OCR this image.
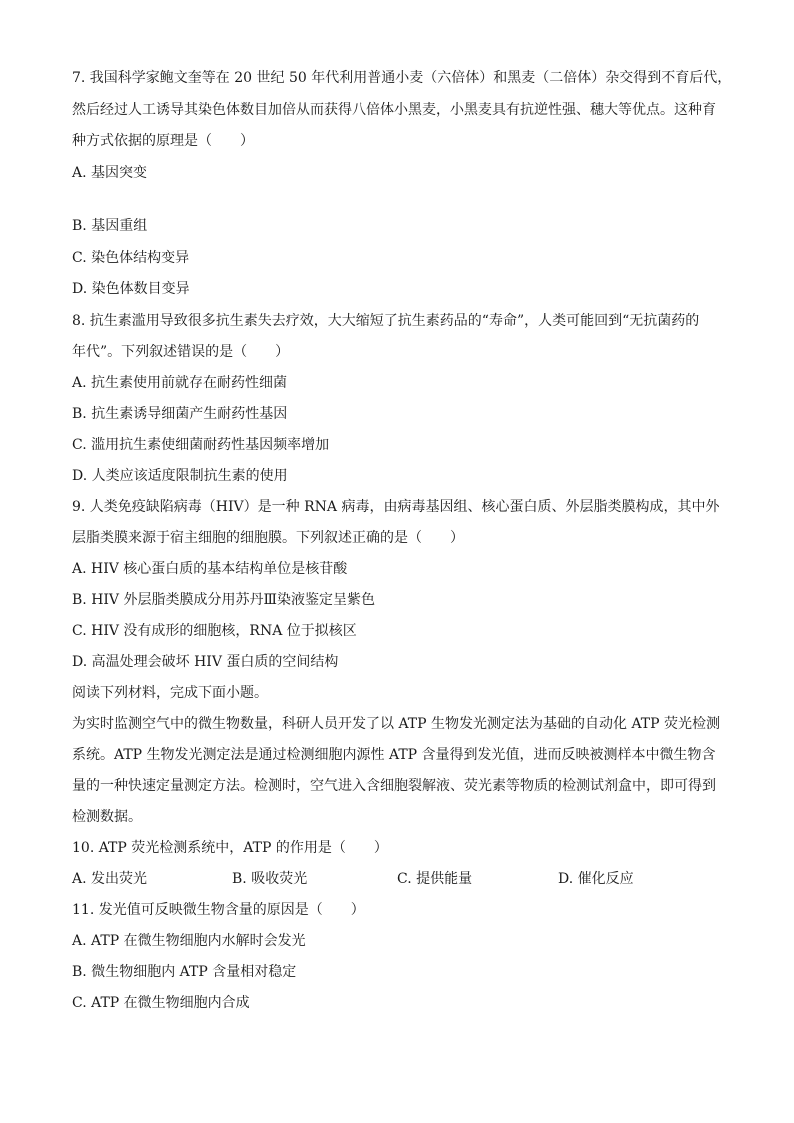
7. 我国科学家鲍文奎等在 20 世纪 50 年代利用普通小麦（六倍体）和黑麦（二倍体）杂交得到不育后代，
然后经过人工诱导其染色体数目加倍从而获得八倍体小黑麦，小黑麦具有抗逆性强、穗大等优点。这种育
种方式依据的原理是（　　）
A. 基因突变
B. 基因重组
C. 染色体结构变异
D. 染色体数目变异
8. 抗生素滥用导致很多抗生素失去疗效，大大缩短了抗生素药品的“寿命”，人类可能回到“无抗菌药的
年代”。下列叙述错误的是（　　）
A. 抗生素使用前就存在耐药性细菌
B. 抗生素诱导细菌产生耐药性基因
C. 滥用抗生素使细菌耐药性基因频率增加
D. 人类应该适度限制抗生素的使用
9. 人类免疫缺陷病毒（HIV）是一种 RNA 病毒，由病毒基因组、核心蛋白质、外层脂类膜构成，其中外
层脂类膜来源于宿主细胞的细胞膜。下列叙述正确的是（　　）
A. HIV 核心蛋白质的基本结构单位是核苷酸
B. HIV 外层脂类膜成分用苏丹Ⅲ染液鉴定呈紫色
C. HIV 没有成形的细胞核，RNA 位于拟核区
D. 高温处理会破坏 HIV 蛋白质的空间结构
阅读下列材料，完成下面小题。
为实时监测空气中的微生物数量，科研人员开发了以 ATP 生物发光测定法为基础的自动化 ATP 荧光检测
系统。ATP 生物发光测定法是通过检测细胞内源性 ATP 含量得到发光值，进而反映被测样本中微生物含
量的一种快速定量测定方法。检测时，空气进入含细胞裂解液、荧光素等物质的检测试剂盒中，即可得到
检测数据。
10. ATP 荧光检测系统中，ATP 的作用是（　　）
A. 发出荧光	B. 吸收荧光	C. 提供能量	D. 催化反应
11. 发光值可反映微生物含量的原因是（　　）
A. ATP 在微生物细胞内水解时会发光
B. 微生物细胞内 ATP 含量相对稳定
C. ATP 在微生物细胞内合成
